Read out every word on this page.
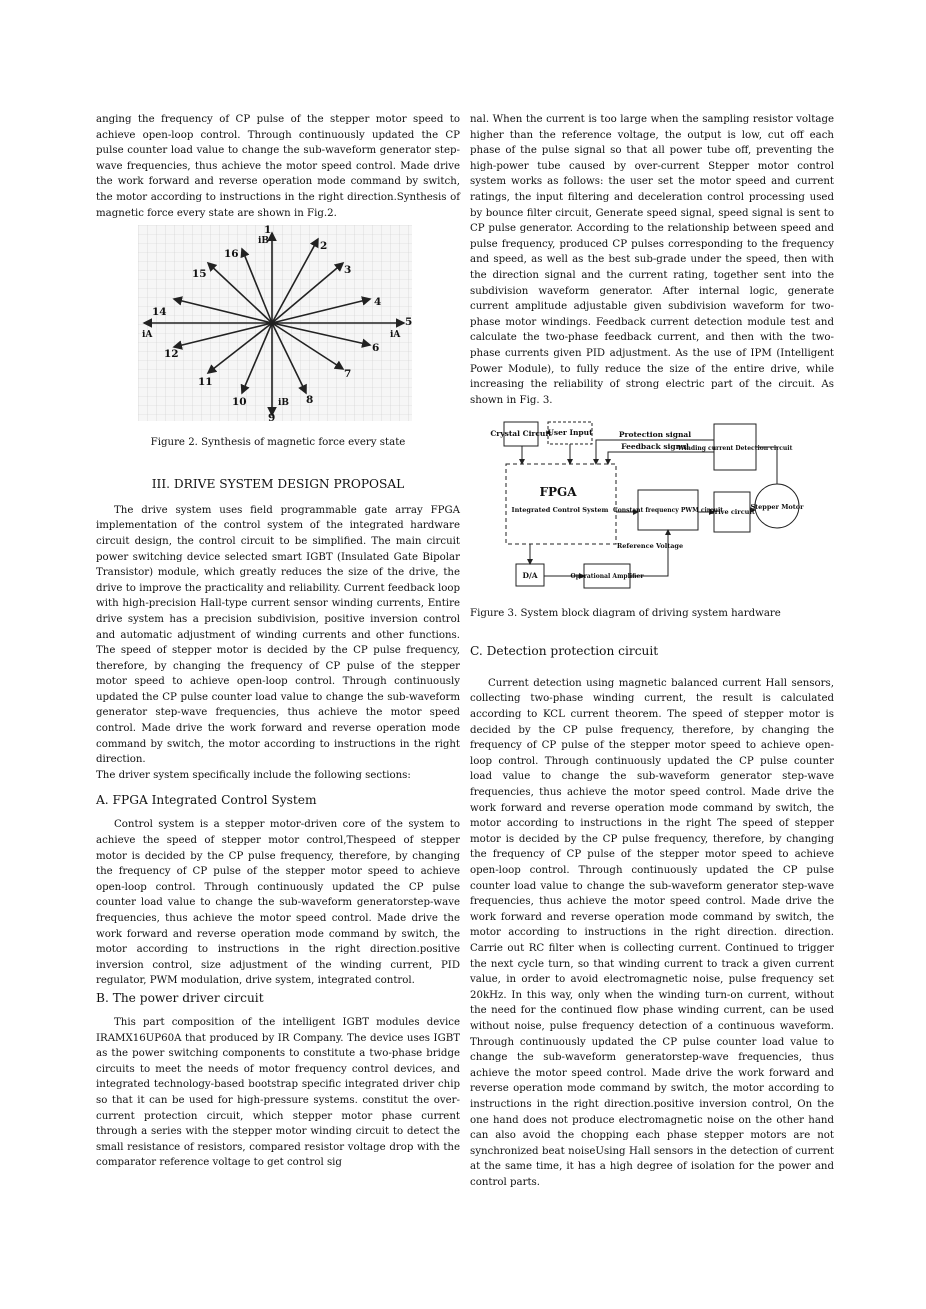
anging the frequency of CP pulse of the stepper motor speed to achieve open-loop control. Through continuously updated the CP pulse counter load value to change the sub-waveform generator step-wave frequencies, thus achieve the motor speed control. Made drive the work forward and reverse operation mode command by switch, the motor according to instructions in the right direction.Synthesis of magnetic force every state are shown in Fig.2.

1
2
3
4
5
6
7
8
9
10
11
12
14
15
16
iB
iA
iA
iB

Figure 2. Synthesis of magnetic force every state

III. DRIVE SYSTEM DESIGN PROPOSAL

The drive system uses field programmable gate array FPGA implementation of the control system of the integrated hardware circuit design, the control circuit to be simplified. The main circuit power switching device selected smart IGBT (Insulated Gate Bipolar Transistor) module, which greatly reduces the size of the drive, the drive to improve the practicality and reliability. Current feedback loop with high-precision Hall-type current sensor winding currents, Entire drive system has a precision subdivision, positive inversion control and automatic adjustment of winding currents and other functions. The speed of stepper motor is decided by the CP pulse frequency, therefore, by changing the frequency of CP pulse of the stepper motor speed to achieve open-loop control. Through continuously updated the CP pulse counter load value to change the sub-waveform generator step-wave frequencies, thus achieve the motor speed control. Made drive the work forward and reverse operation mode command by switch, the motor according to instructions in the right direction.

The driver system specifically include the following sections:

A. FPGA Integrated Control System

Control system is a stepper motor-driven core of the system to achieve the speed of stepper motor control,Thespeed of stepper motor is decided by the CP pulse frequency, therefore, by changing the frequency of CP pulse of the stepper motor speed to achieve open-loop control. Through continuously updated the CP pulse counter load value to change the sub-waveform generatorstep-wave frequencies, thus achieve the motor speed control. Made drive the work forward and reverse operation mode command by switch, the motor according to instructions in the right direction.positive inversion control, size adjustment of the winding current, PID regulator, PWM modulation, drive system, integrated control.

B. The power driver circuit

This part composition of the intelligent IGBT modules device IRAMX16UP60A that produced by IR Company. The device uses IGBT as the power switching components to constitute a two-phase bridge circuits to meet the needs of motor frequency control devices, and integrated technology-based bootstrap specific integrated driver chip so that it can be used for high-pressure systems. constitut the over-current protection circuit, which stepper motor phase current through a series with the stepper motor winding circuit to detect the small resistance of resistors, compared resistor voltage drop with the comparator reference voltage to get control sig

nal. When the current is too large when the sampling resistor voltage higher than the reference voltage, the output is low, cut off each phase of the pulse signal so that all power tube off, preventing the high-power tube caused by over-current Stepper motor control system works as follows: the user set the motor speed and current ratings, the input filtering and deceleration control processing used by bounce filter circuit, Generate speed signal, speed signal is sent to CP pulse generator. According to the relationship between speed and pulse frequency, produced CP pulses corresponding to the frequency and speed, as well as the best sub-grade under the speed, then with the direction signal and the current rating, together sent into the subdivision waveform generator. After internal logic, generate current amplitude adjustable given subdivision waveform for two-phase motor windings. Feedback current detection module test and calculate the two-phase feedback current, and then with the two-phase currents given PID adjustment. As the use of IPM (Intelligent Power Module), to fully reduce the size of the entire drive, while increasing the reliability of strong electric part of the circuit. As shown in Fig. 3.

Crystal Circuit
User Input	Protection signal
Feedback signal
Winding current Detection circuit
FPGA
Integrated Control System Constant frequency PWM circuit
Drive circuit
Stepper Motor
Reference Voltage
D/A	Operational Amplifier

Figure 3. System block diagram of driving system hardware

C. Detection protection circuit

Current detection using magnetic balanced current Hall sensors, collecting two-phase winding current, the result is calculated according to KCL current theorem. The speed of stepper motor is decided by the CP pulse frequency, therefore, by changing the frequency of CP pulse of the stepper motor speed to achieve open-loop control. Through continuously updated the CP pulse counter load value to change the sub-waveform generator step-wave frequencies, thus achieve the motor speed control. Made drive the work forward and reverse operation mode command by switch, the motor according to instructions in the right The speed of stepper motor is decided by the CP pulse frequency, therefore, by changing the frequency of CP pulse of the stepper motor speed to achieve open-loop control. Through continuously updated the CP pulse counter load value to change the sub-waveform generator step-wave frequencies, thus achieve the motor speed control. Made drive the work forward and reverse operation mode command by switch, the motor according to instructions in the right direction. direction. Carrie out RC filter when is collecting current. Continued to trigger the next cycle turn, so that winding current to track a given current value, in order to avoid electromagnetic noise, pulse frequency set 20kHz. In this way, only when the winding turn-on current, without the need for the continued flow phase winding current, can be used without noise, pulse frequency detection of a continuous waveform. Through continuously updated the CP pulse counter load value to change the sub-waveform generatorstep-wave frequencies, thus achieve the motor speed control. Made drive the work forward and reverse operation mode command by switch, the motor according to instructions in the right direction.positive inversion control, On the one hand does not produce electromagnetic noise on the other hand can also avoid the chopping each phase stepper motors are not synchronized beat noiseUsing Hall sensors in the detection of current at the same time, it has a high degree of isolation for the power and control parts.
